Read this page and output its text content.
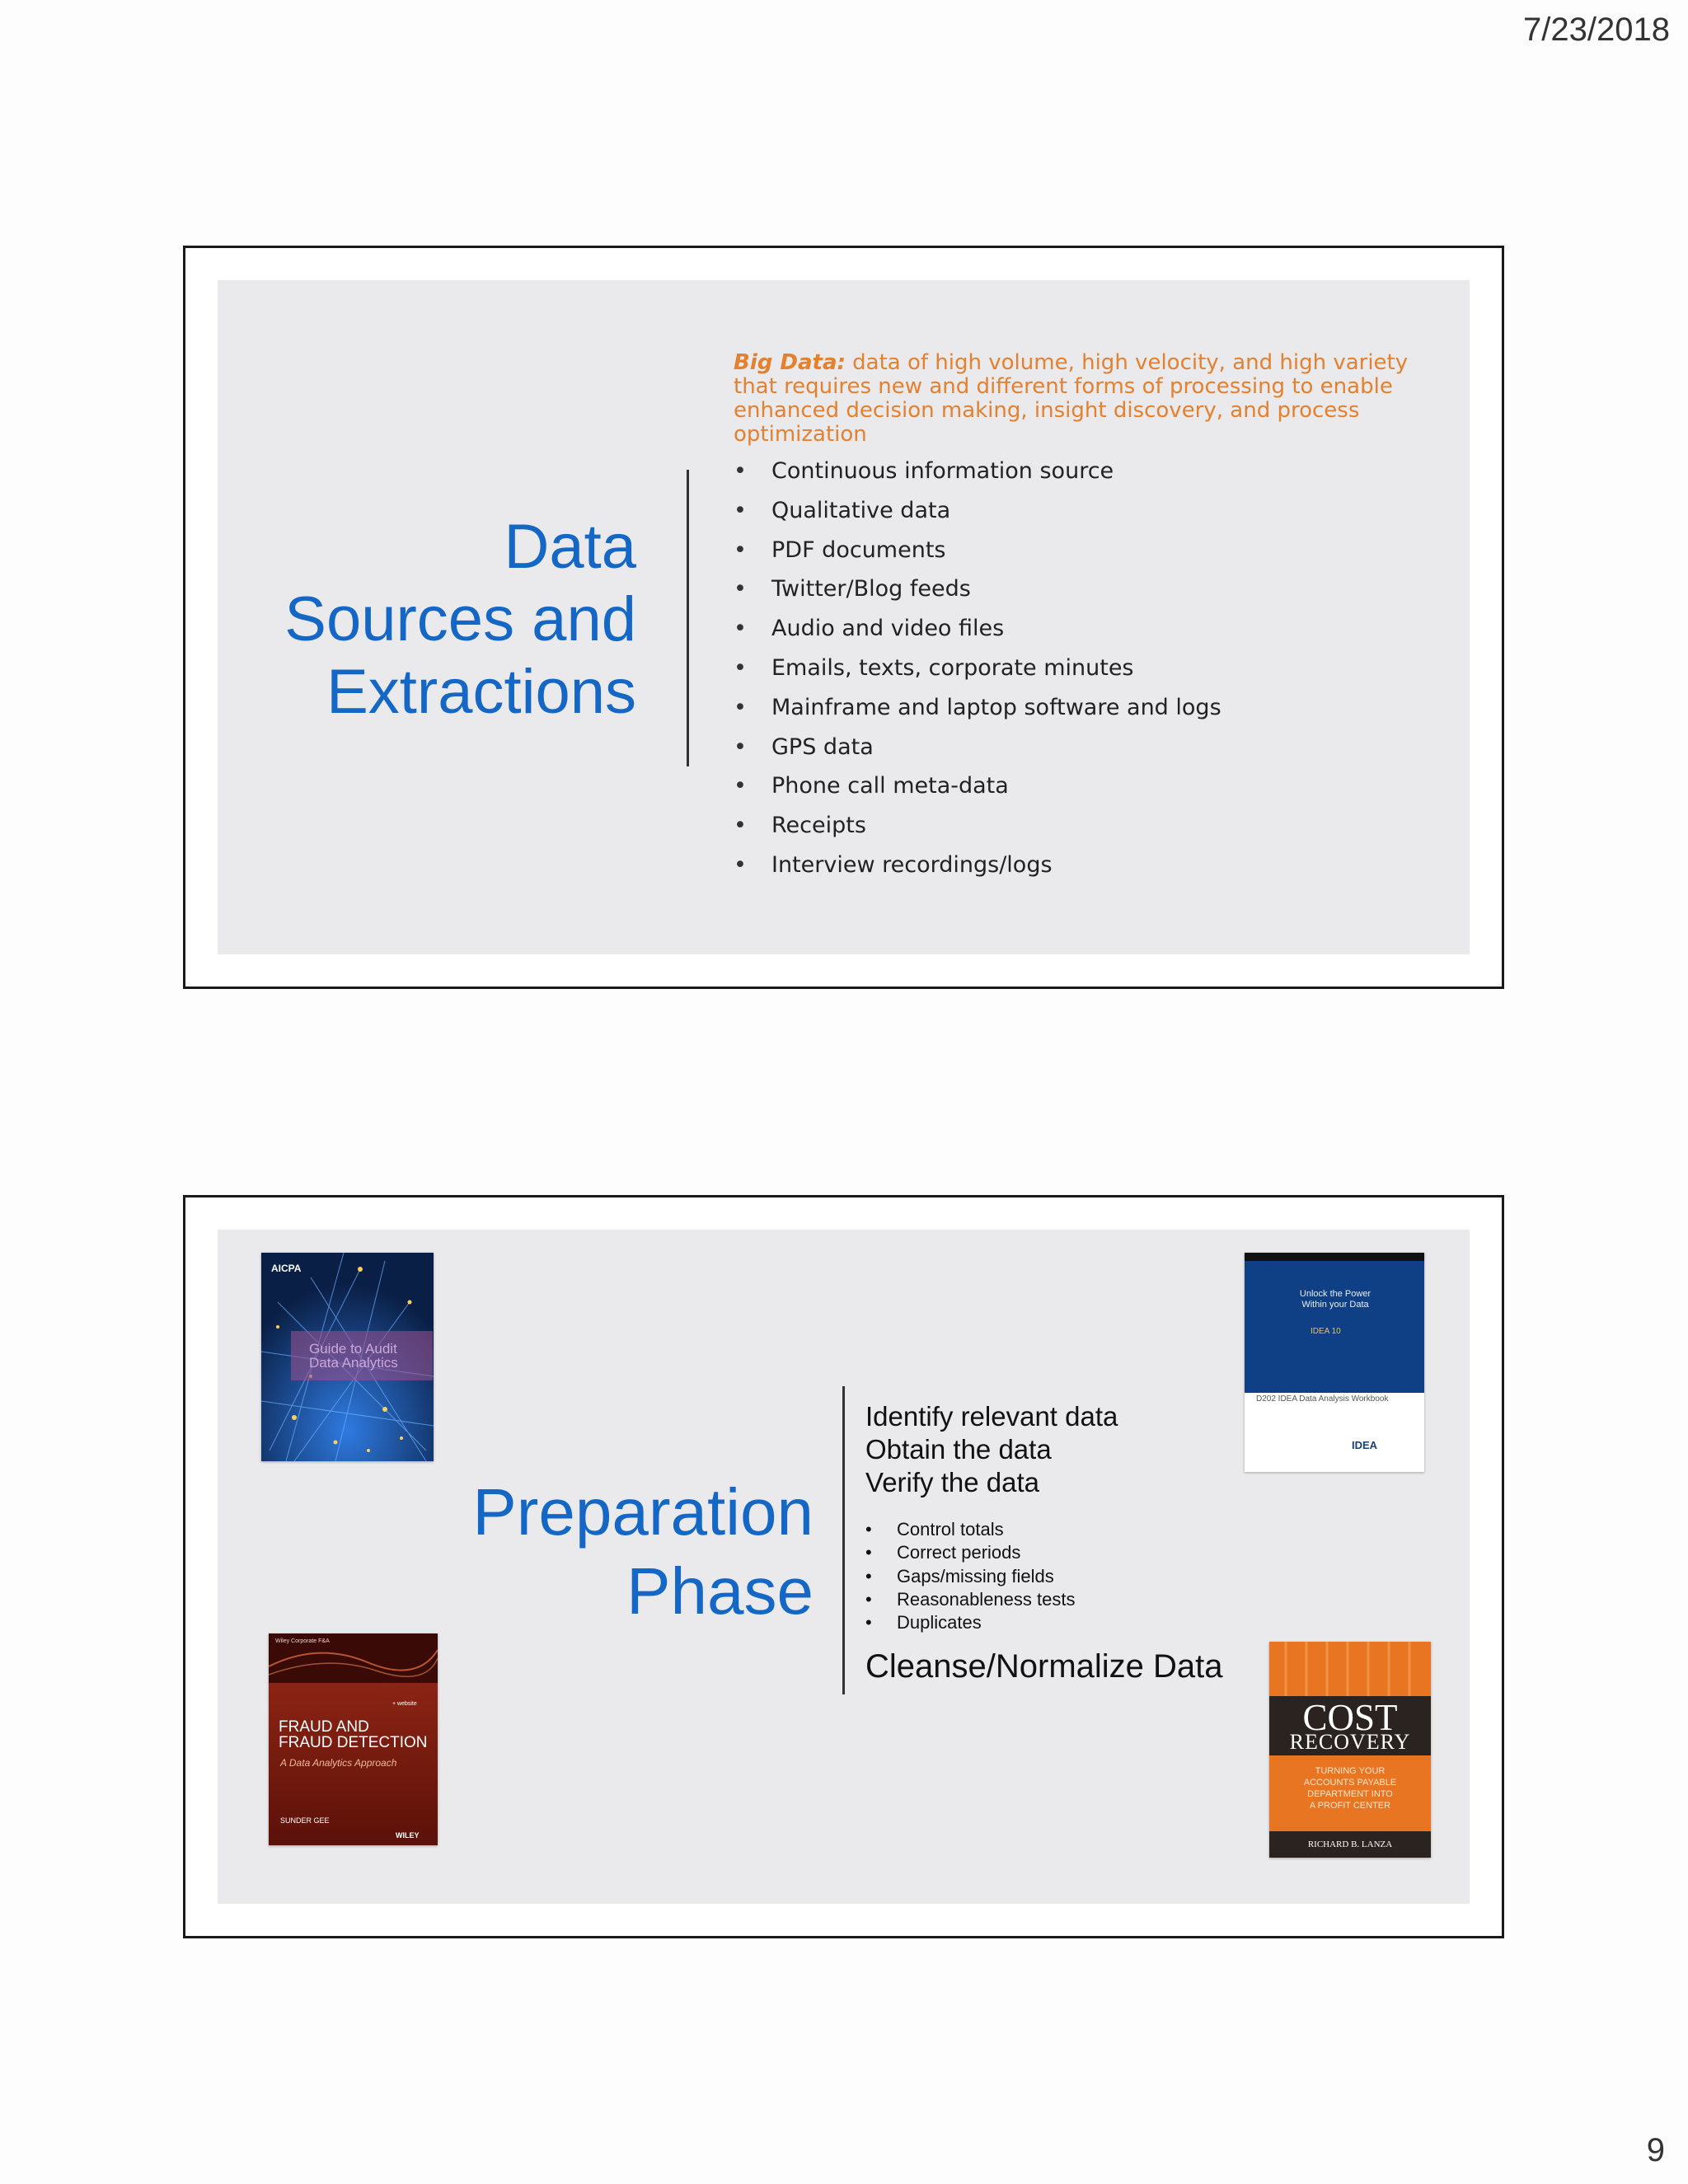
7/23/2018
Data
Sources and
Extractions
Big Data: data of high volume, high velocity, and high variety that requires new and different forms of processing to enable enhanced decision making, insight discovery, and process optimization
• Continuous information source
• Qualitative data
• PDF documents
• Twitter/Blog feeds
• Audio and video files
• Emails, texts, corporate minutes
• Mainframe and laptop software and logs
• GPS data
• Phone call meta-data
• Receipts
• Interview recordings/logs
AICPA
Guide to Audit
Data Analytics
Unlock the Power
Within your Data
IDEA 10
D202 IDEA Data Analysis Workbook
IDEA
Wiley Corporate F&A
+ website
FRAUD AND
FRAUD DETECTION
A Data Analytics Approach
SUNDER GEE
WILEY
COST
RECOVERY
TURNING YOUR
ACCOUNTS PAYABLE
DEPARTMENT INTO
A PROFIT CENTER
RICHARD B. LANZA
Preparation
Phase
Identify relevant data
Obtain the data
Verify the data
• Control totals
• Correct periods
• Gaps/missing fields
• Reasonableness tests
• Duplicates
Cleanse/Normalize Data
9
